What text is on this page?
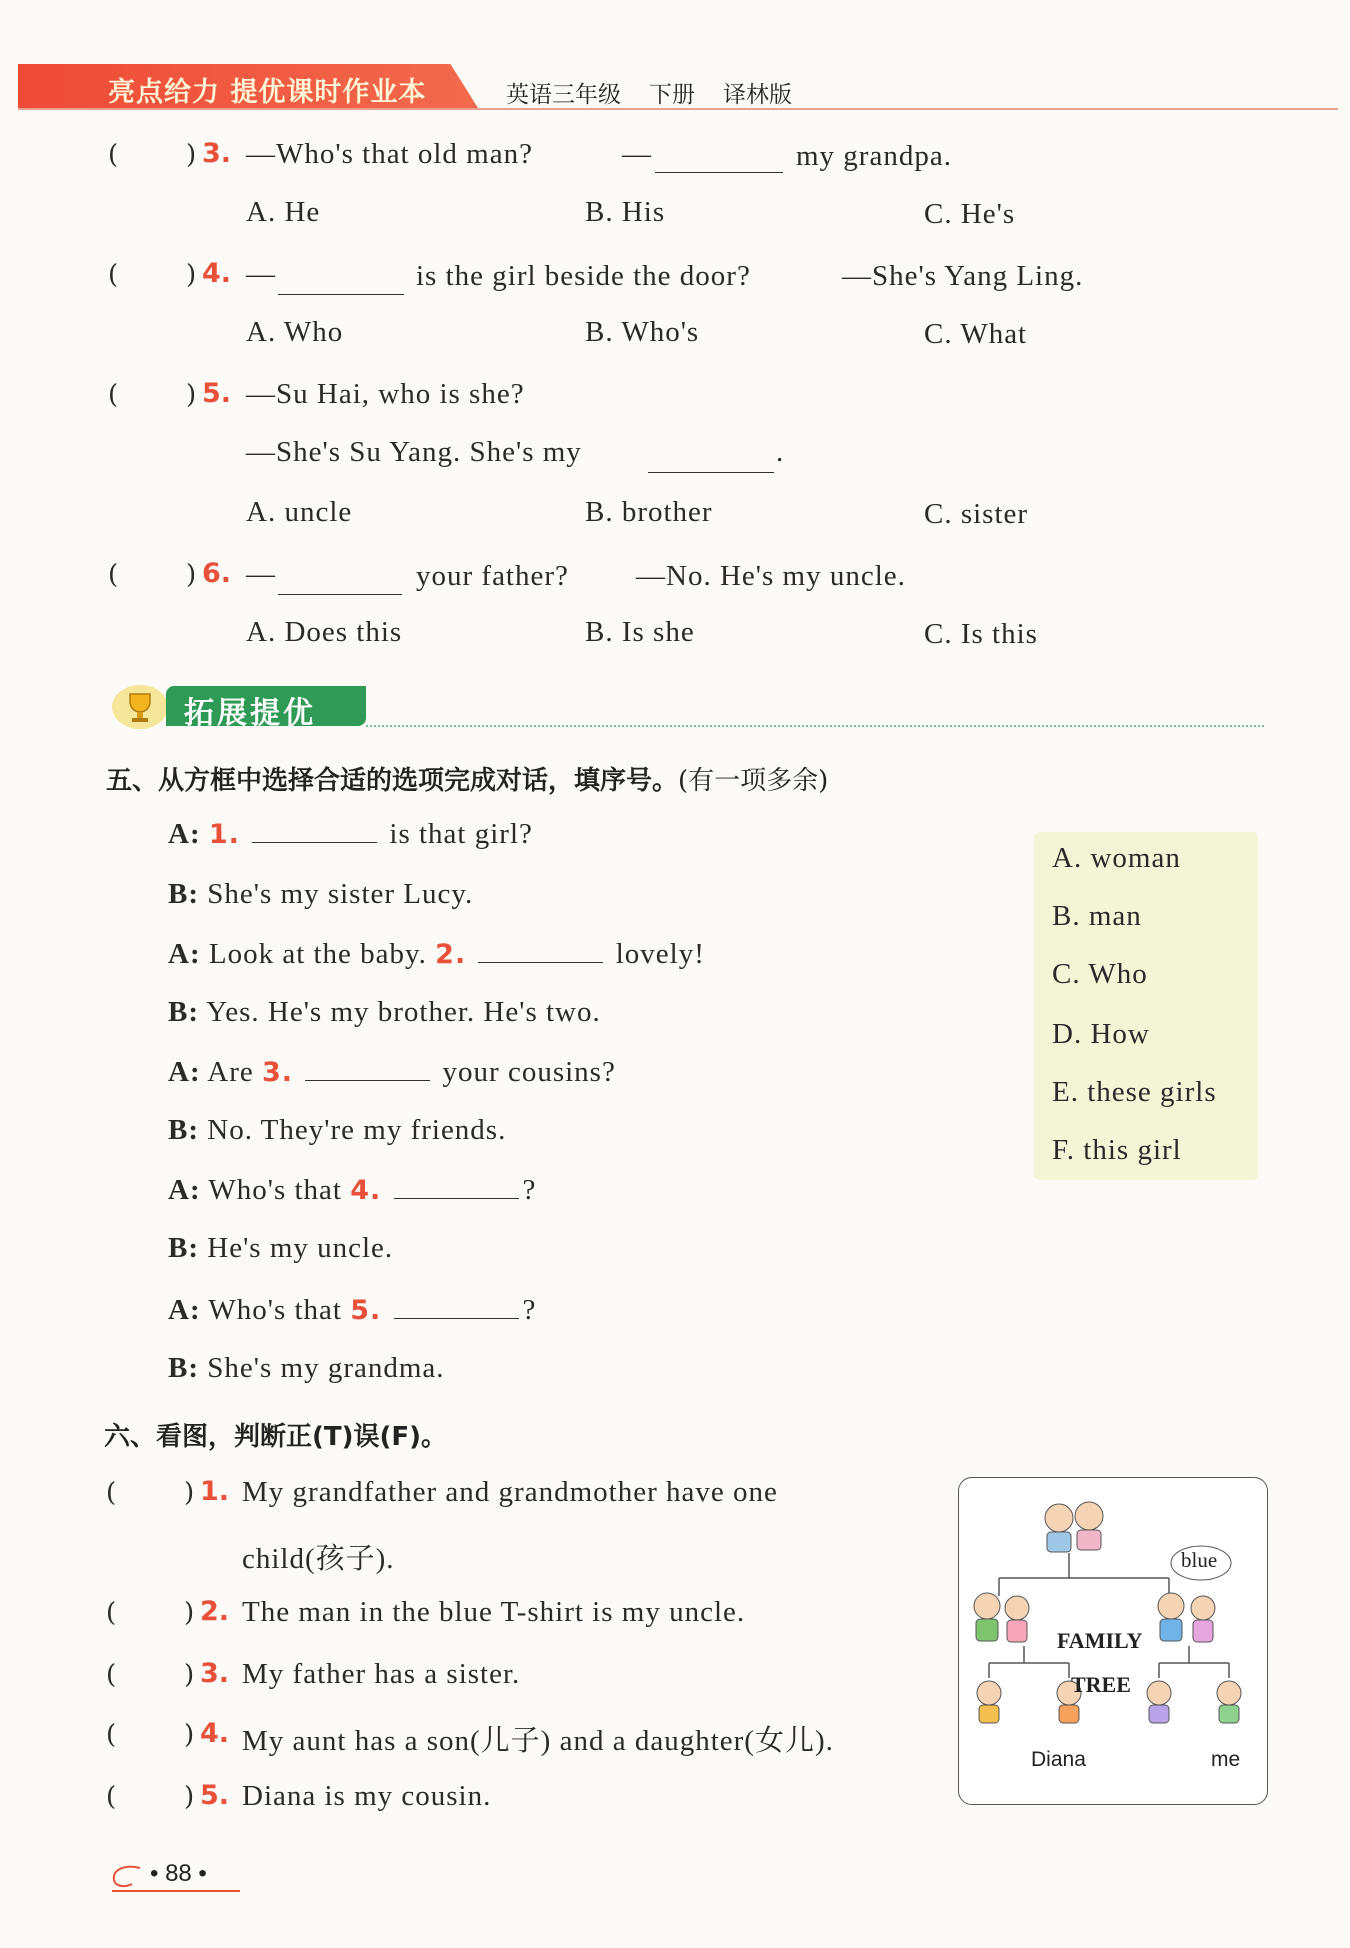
亮点给力 提优课时作业本	英语三年级 下册 译林版
(	) 3. —Who's that old man?	—	my grandpa.
A. He	B. His	C. He's
(	) 4. —	is the girl beside the door?	—She's Yang Ling.
A. Who	B. Who's	C. What
(	) 5. —Su Hai, who is she?
—She's Su Yang. She's my	.
A. uncle	B. brother	C. sister
(	) 6. —	your father? —No. He's my uncle.
A. Does this	B. Is she	C. Is this
拓展提优
五、从方框中选择合适的选项完成对话，填序号。(有一项多余)
A: 1.	is that girl?
B: She's my sister Lucy.
A: Look at the baby. 2.	lovely!
B: Yes. He's my brother. He's two.
A: Are 3.	your cousins?
B: No. They're my friends.
A: Who's that 4.	?
B: He's my uncle.
A: Who's that 5.	?
B: She's my grandma.
A. woman
B. man
C. Who
D. How
E. these girls
F. this girl
六、看图，判断正(T)误(F)。
(	) 1. My grandfather and grandmother have one
child(孩子).
(	) 2. The man in the blue T-shirt is my uncle.
(	) 3. My father has a sister.
(	) 4. My aunt has a son(儿子) and a daughter(女儿).
(	) 5. Diana is my cousin.
blue
FAMILY
TREE
Diana	me
• 88 •
